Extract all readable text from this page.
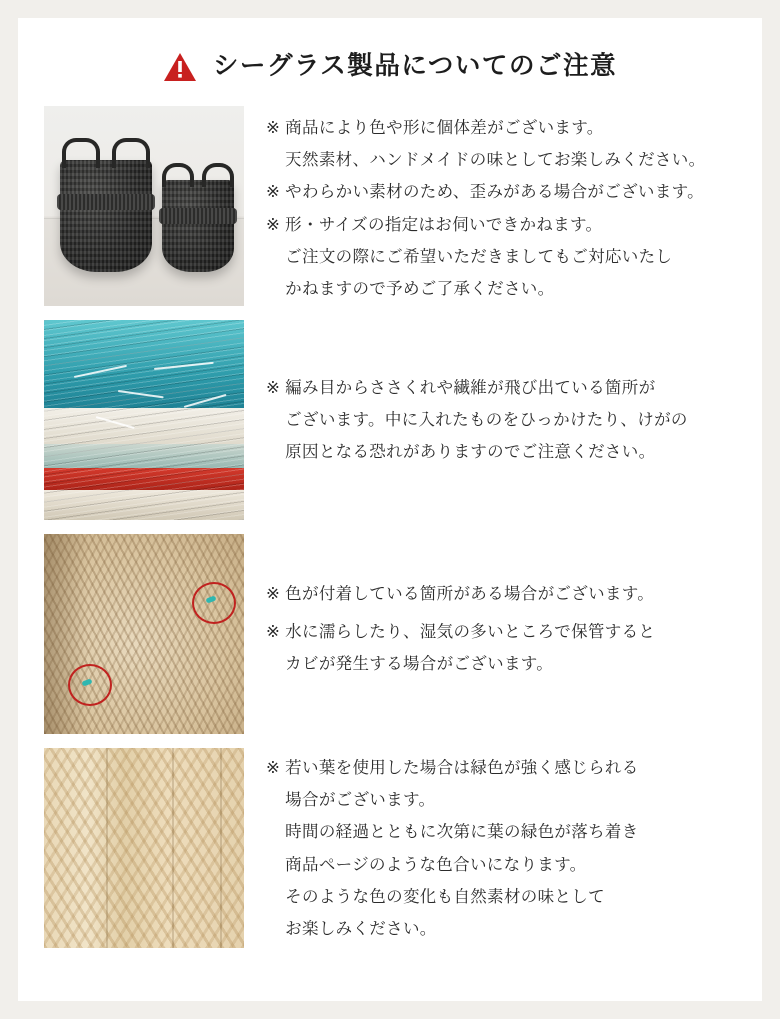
シーグラス製品についてのご注意
※ 商品により色や形に個体差がございます。
天然素材、ハンドメイドの味としてお楽しみください。
※ やわらかい素材のため、歪みがある場合がございます。
※ 形・サイズの指定はお伺いできかねます。
ご注文の際にご希望いただきましてもご対応いたし
かねますので予めご了承ください。
※ 編み目からささくれや繊維が飛び出ている箇所が
ございます。中に入れたものをひっかけたり、けがの
原因となる恐れがありますのでご注意ください。
※ 色が付着している箇所がある場合がございます。
※ 水に濡らしたり、湿気の多いところで保管すると
カビが発生する場合がございます。
※ 若い葉を使用した場合は緑色が強く感じられる
場合がございます。
時間の経過とともに次第に葉の緑色が落ち着き
商品ページのような色合いになります。
そのような色の変化も自然素材の味として
お楽しみください。
